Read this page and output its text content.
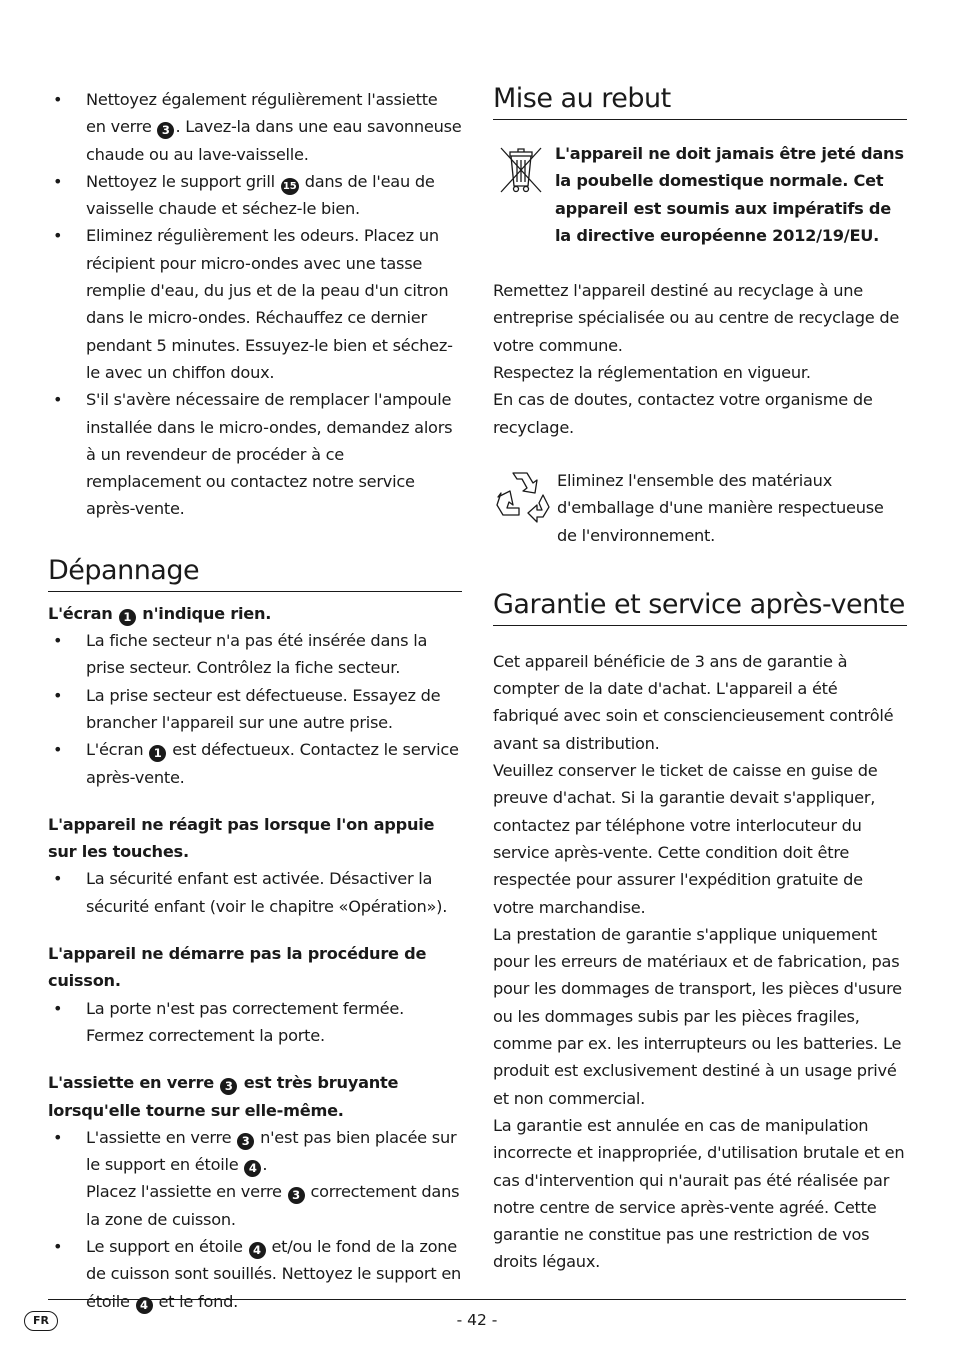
• Nettoyez également régulièrement l'assiette en verre 3 . Lavez-la dans une eau savonneuse chaude ou au lave-vaisselle.
• Nettoyez le support grill 15 dans de l'eau de vaisselle chaude et séchez-le bien.
• Eliminez régulièrement les odeurs. Placez un récipient pour micro-ondes avec une tasse remplie d'eau, du jus et de la peau d'un citron dans le micro-ondes. Réchauffez ce dernier pendant 5 minutes. Essuyez-le bien et séchez-le avec un chiffon doux.
• S'il s'avère nécessaire de remplacer l'ampoule installée dans le micro-ondes, demandez alors à un revendeur de procéder à ce remplacement ou contactez notre service après-vente.
Dépannage

L'écran 1 n'indique rien.

• La fiche secteur n'a pas été insérée dans la prise secteur. Contrôlez la fiche secteur.
• La prise secteur est défectueuse. Essayez de brancher l'appareil sur une autre prise.
• L'écran 1 est défectueux. Contactez le service après-vente.

L'appareil ne réagit pas lorsque l'on appuie sur les touches.

• La sécurité enfant est activée. Désactiver la sécurité enfant (voir le chapitre «Opération»).

L'appareil ne démarre pas la procédure de cuisson.

• La porte n'est pas correctement fermée. Fermez correctement la porte.

L'assiette en verre 3 est très bruyante lorsqu'elle tourne sur elle-même.

• L'assiette en verre 3 n'est pas bien placée sur le support en étoile 4 .
Placez l'assiette en verre 3 correctement dans la zone de cuisson.
• Le support en étoile 4 et/ou le fond de la zone de cuisson sont souillés. Nettoyez le support en étoile 4 et le fond.
Mise au rebut

L'appareil ne doit jamais être jeté dans la poubelle domestique normale. Cet appareil est soumis aux impératifs de la directive européenne 2012/19/EU.

Remettez l'appareil destiné au recyclage à une entreprise spécialisée ou au centre de recyclage de votre commune.

Respectez la réglementation en vigueur.

En cas de doutes, contactez votre organisme de recyclage.

Eliminez l'ensemble des matériaux d'emballage d'une manière respectueuse de l'environnement.

Garantie et service après-vente

Cet appareil bénéficie de 3 ans de garantie à compter de la date d'achat. L'appareil a été fabriqué avec soin et consciencieusement contrôlé avant sa distribution.

Veuillez conserver le ticket de caisse en guise de preuve d'achat. Si la garantie devait s'appliquer, contactez par téléphone votre interlocuteur du service après-vente. Cette condition doit être respectée pour assurer l'expédition gratuite de votre marchandise.

La prestation de garantie s'applique uniquement pour les erreurs de matériaux et de fabrication, pas pour les dommages de transport, les pièces d'usure ou les dommages subis par les pièces fragiles, comme par ex. les interrupteurs ou les batteries. Le produit est exclusivement destiné à un usage privé et non commercial.

La garantie est annulée en cas de manipulation incorrecte et inappropriée, d'utilisation brutale et en cas d'intervention qui n'aurait pas été réalisée par notre centre de service après-vente agréé. Cette garantie ne constitue pas une restriction de vos droits légaux.

FR	- 42 -
